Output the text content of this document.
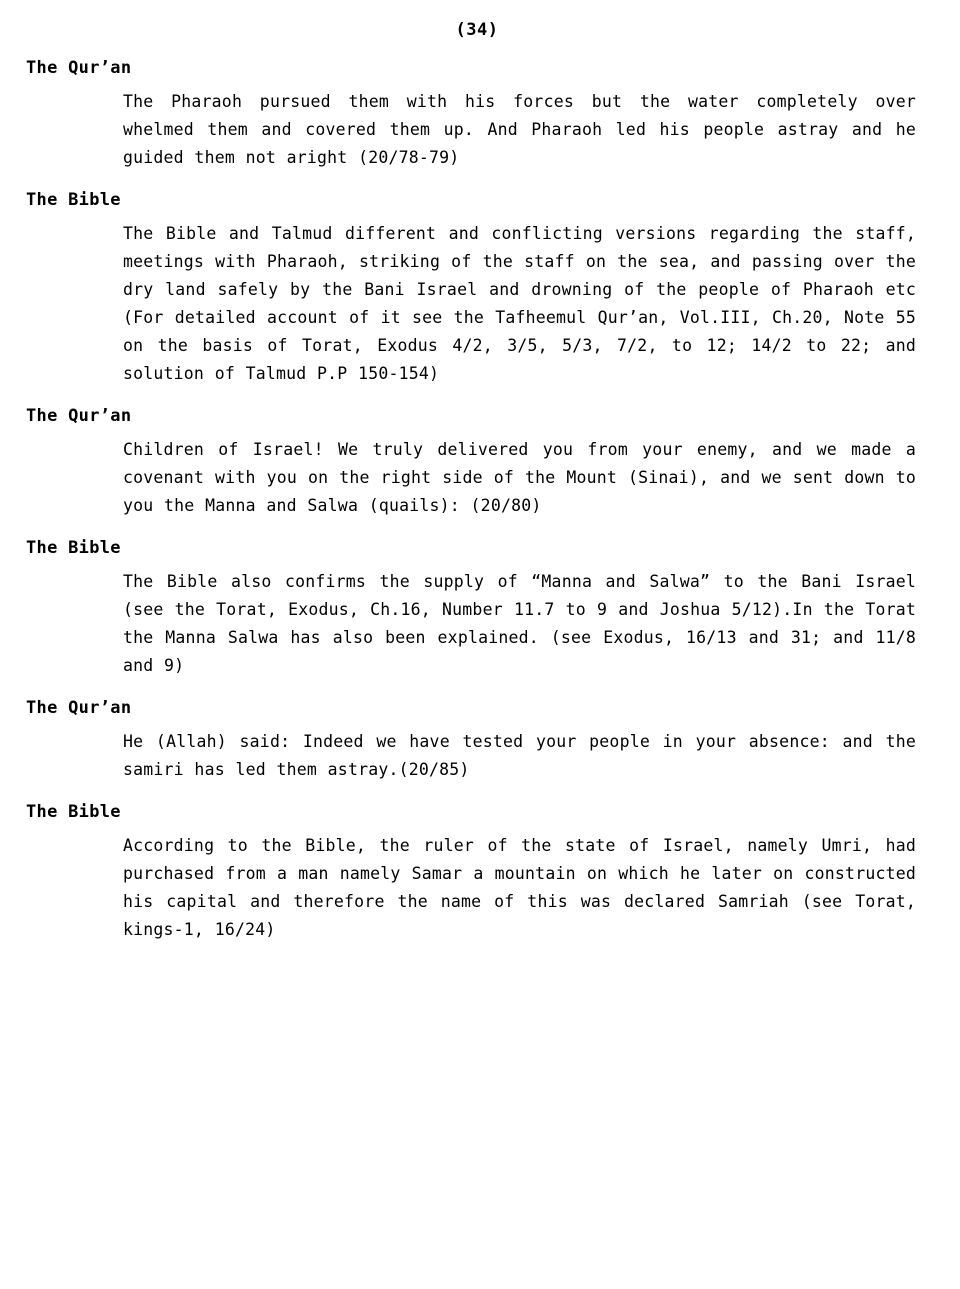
(34)
The Qur’an
The Pharaoh pursued them with his forces but the water completely over whelmed them and covered them up. And Pharaoh led his people astray and he guided them not aright (20/78-79)
The Bible
The Bible and Talmud different and conflicting versions regarding the staff, meetings with Pharaoh, striking of the staff on the sea, and passing over the dry land safely by the Bani Israel and drowning of the people of Pharaoh etc (For detailed account of it see the Tafheemul Qur’an, Vol.III, Ch.20, Note 55 on the basis of Torat, Exodus 4/2, 3/5, 5/3, 7/2, to 12; 14/2 to 22; and solution of Talmud P.P 150-154)
The Qur’an
Children of Israel! We truly delivered you from your enemy, and we made a covenant with you on the right side of the Mount (Sinai), and we sent down to you the Manna and Salwa (quails): (20/80)
The Bible
The Bible also confirms the supply of “Manna and Salwa” to the Bani Israel (see the Torat, Exodus, Ch.16, Number 11.7 to 9 and Joshua 5/12).In the Torat the Manna Salwa has also been explained. (see Exodus, 16/13 and 31; and 11/8 and 9)
The Qur’an
He (Allah) said: Indeed we have tested your people in your absence: and the samiri has led them astray.(20/85)
The Bible
According to the Bible, the ruler of the state of Israel, namely Umri, had purchased from a man namely Samar a mountain on which he later on constructed his capital and therefore the name of this was declared Samriah (see Torat, kings-1, 16/24)
